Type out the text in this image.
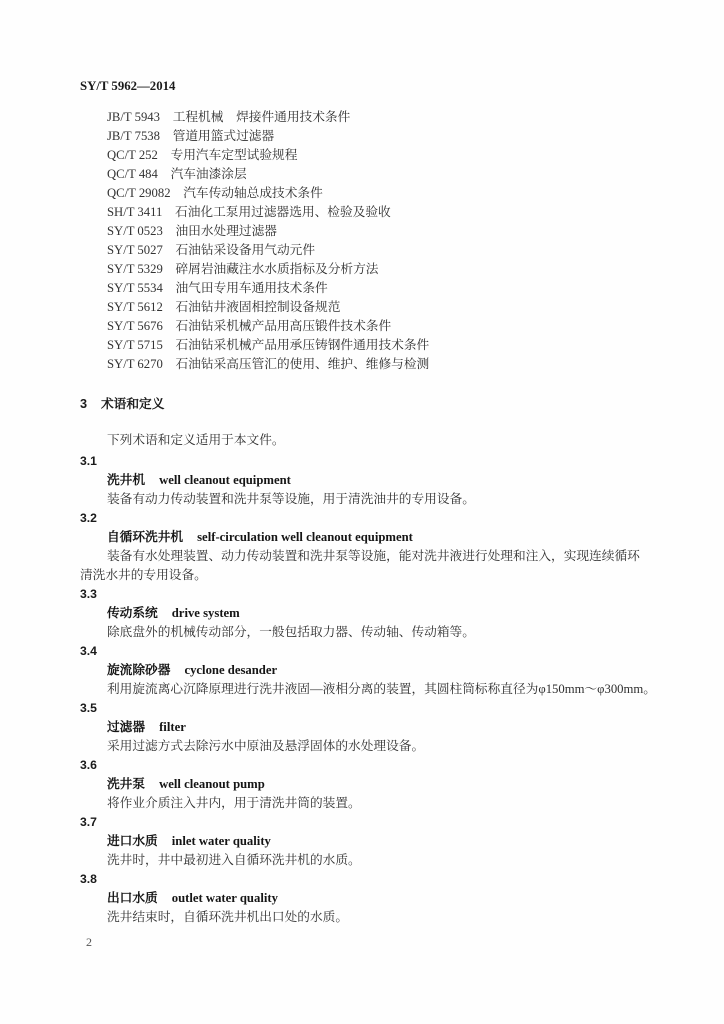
SY/T 5962—2014
JB/T 5943 工程机械　焊接件通用技术条件
JB/T 7538 管道用篮式过滤器
QC/T 252 专用汽车定型试验规程
QC/T 484 汽车油漆涂层
QC/T 29082 汽车传动轴总成技术条件
SH/T 3411 石油化工泵用过滤器选用、检验及验收
SY/T 0523 油田水处理过滤器
SY/T 5027 石油钻采设备用气动元件
SY/T 5329 碎屑岩油藏注水水质指标及分析方法
SY/T 5534 油气田专用车通用技术条件
SY/T 5612 石油钻井液固相控制设备规范
SY/T 5676 石油钻采机械产品用高压锻件技术条件
SY/T 5715 石油钻采机械产品用承压铸钢件通用技术条件
SY/T 6270 石油钻采高压管汇的使用、维护、维修与检测
3 术语和定义
下列术语和定义适用于本文件。
3.1
洗井机 well cleanout equipment
装备有动力传动装置和洗井泵等设施，用于清洗油井的专用设备。
3.2
自循环洗井机 self-circulation well cleanout equipment
装备有水处理装置、动力传动装置和洗井泵等设施，能对洗井液进行处理和注入，实现连续循环
清洗水井的专用设备。
3.3
传动系统 drive system
除底盘外的机械传动部分，一般包括取力器、传动轴、传动箱等。
3.4
旋流除砂器 cyclone desander
利用旋流离心沉降原理进行洗井液固—液相分离的装置，其圆柱筒标称直径为φ150mm～φ300mm。
3.5
过滤器 filter
采用过滤方式去除污水中原油及悬浮固体的水处理设备。
3.6
洗井泵 well cleanout pump
将作业介质注入井内，用于清洗井筒的装置。
3.7
进口水质 inlet water quality
洗井时，井中最初进入自循环洗井机的水质。
3.8
出口水质 outlet water quality
洗井结束时，自循环洗井机出口处的水质。
2
